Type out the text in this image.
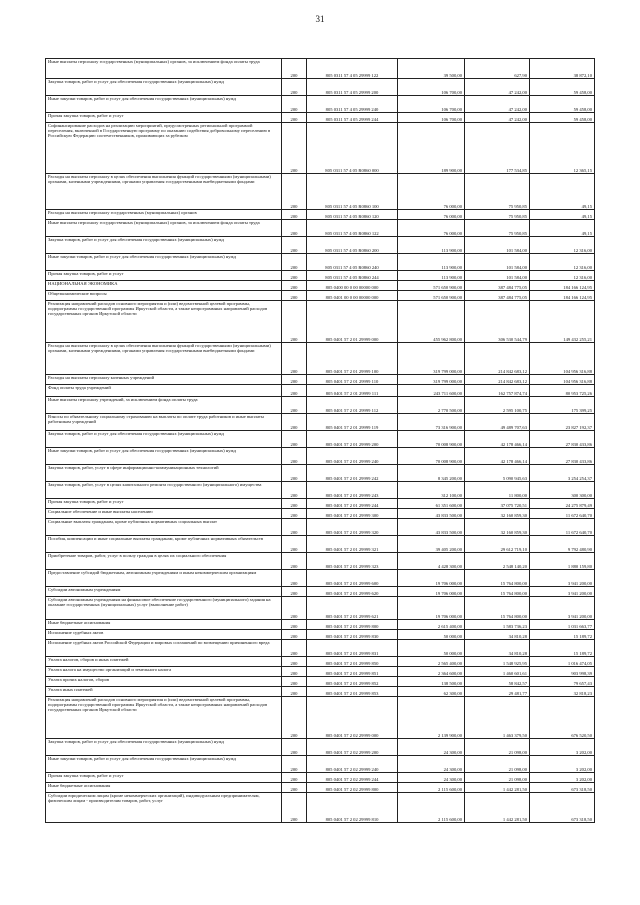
31
Иные выплаты персоналу государственных (муниципальных) органов, за исключением фонда оплаты труда	200	805 0311 57 4 05 29999 122	39 500,00	627,90	38 872,10
Закупка товаров, работ и услуг для обеспечения государственных (муниципальных) нужд	200	805 0311 57 4 05 29999 200	106 700,00	47 242,00	59 458,00
Иные закупки товаров, работ и услуг для обеспечения государственных (муниципальных) нужд	200	805 0311 57 4 05 29999 240	106 700,00	47 242,00	59 458,00
Прочая закупка товаров, работ и услуг	200	805 0311 57 4 05 29999 244	106 700,00	47 242,00	59 458,00
Софинансирование расходов на реализацию мероприятий, предусмотренных региональной программой переселения, включенной в Государственную программу по оказанию содействия добровольному переселению в Российскую Федерацию соотечественников, проживающих за рубежом	200	805 0311 57 4 05 R0860 000	189 900,00	177 534,85	12 365,15
Расходы на выплаты персоналу в целях обеспечения выполнения функций государственными (муниципальными) органами, казенными учреждениями, органами управления государственными внебюджетными фондами	200	805 0311 57 4 05 R0860 100	76 000,00	75 950,85	49,15
Расходы на выплаты персоналу государственных (муниципальных) органов	200	805 0311 57 4 05 R0860 120	76 000,00	75 950,85	49,15
Иные выплаты персоналу государственных (муниципальных) органов, за исключением фонда оплаты труда	200	805 0311 57 4 05 R0860 122	76 000,00	75 950,85	49,15
Закупка товаров, работ и услуг для обеспечения государственных (муниципальных) нужд	200	805 0311 57 4 05 R0860 200	113 900,00	101 584,00	12 316,00
Иные закупки товаров, работ и услуг для обеспечения государственных (муниципальных) нужд	200	805 0311 57 4 05 R0860 240	113 900,00	101 584,00	12 316,00
Прочая закупка товаров, работ и услуг	200	805 0311 57 4 05 R0860 244	113 900,00	101 584,00	12 316,00
НАЦИОНАЛЬНАЯ ЭКОНОМИКА	200	805 0400 00 0 00 00000 000	571 650 900,00	387 484 775,05	184 166 124,95
Общеэкономические вопросы	200	805 0401 00 0 00 00000 000	571 650 900,00	387 484 775,05	184 166 124,95
Реализация направлений расходов основного мероприятия и (или) ведомственной целевой программы, подпрограммы государственной программы Иркутской области, а также непрограммных направлений расходов государственных органов Иркутской области	200	805 0401 57 2 01 29999 000	455 962 800,00	306 530 544,79	149 432 255,21
Расходы на выплаты персоналу в целях обеспечения выполнения функций государственными (муниципальными) органами, казенными учреждениями, органами управления государственными внебюджетными фондами	200	805 0401 57 2 01 29999 100	319 799 000,00	214 842 683,12	104 956 316,88
Расходы на выплаты персоналу казенных учреждений	200	805 0401 57 2 01 29999 110	319 799 000,00	214 842 683,12	104 956 316,88
Фонд оплаты труда учреждений	200	805 0401 57 2 01 29999 111	243 711 600,00	162 757 874,74	80 953 725,26
Иные выплаты персоналу учреждений, за исключением фонда оплаты труда	200	805 0401 57 2 01 29999 112	2 770 500,00	2 595 100,75	175 399,25
Взносы по обязательному социальному страхованию на выплаты по оплате труда работников и иные выплаты работникам учреждений	200	805 0401 57 2 01 29999 119	73 316 900,00	49 489 707,63	23 827 192,37
Закупка товаров, работ и услуг для обеспечения государственных (муниципальных) нужд	200	805 0401 57 2 01 29999 200	70 008 900,00	42 178 466,14	27 830 433,86
Иные закупки товаров, работ и услуг для обеспечения государственных (муниципальных) нужд	200	805 0401 57 2 01 29999 240	70 008 900,00	42 178 466,14	27 830 433,86
Закупка товаров, работ, услуг в сфере информационно-коммуникационных технологий	200	805 0401 57 2 01 29999 242	8 345 200,00	5 090 945,63	3 254 254,37
Закупка товаров, работ, услуг в целях капитального ремонта государственного (муниципального) имущества	200	805 0401 57 2 01 29999 243	312 100,00	11 800,00	300 300,00
Прочая закупка товаров, работ и услуг	200	805 0401 57 2 01 29999 244	61 351 600,00	37 075 720,51	24 275 879,49
Социальное обеспечение и иные выплаты населению	200	805 0401 57 2 01 29999 300	43 833 500,00	32 160 859,30	11 672 640,70
Социальные выплаты гражданам, кроме публичных нормативных социальных выплат	200	805 0401 57 2 01 29999 320	43 833 500,00	32 160 859,30	11 672 640,70
Пособия, компенсации и иные социальные выплаты гражданам, кроме публичных нормативных обязательств	200	805 0401 57 2 01 29999 321	39 405 200,00	29 612 719,10	9 792 480,90
Приобретение товаров, работ, услуг в пользу граждан в целях их социального обеспечения	200	805 0401 57 2 01 29999 323	4 428 300,00	2 548 140,20	1 880 159,80
Предоставление субсидий бюджетным, автономным учреждениям и иным некоммерческим организациям	200	805 0401 57 2 01 29999 600	19 706 000,00	15 764 800,00	3 941 200,00
Субсидии автономным учреждениям	200	805 0401 57 2 01 29999 620	19 706 000,00	15 764 800,00	3 941 200,00
Субсидии автономным учреждениям на финансовое обеспечение государственного (муниципального) задания на оказание государственных (муниципальных) услуг (выполнение работ)	200	805 0401 57 2 01 29999 621	19 706 000,00	15 764 800,00	3 941 200,00
Иные бюджетные ассигнования	200	805 0401 57 2 01 29999 800	2 615 400,00	1 583 736,23	1 031 663,77
Исполнение судебных актов	200	805 0401 57 2 01 29999 830	50 000,00	34 810,28	15 189,72
Исполнение судебных актов Российской Федерации и мировых соглашений по возмещению причиненного вреда	200	805 0401 57 2 01 29999 831	50 000,00	34 810,28	15 189,72
Уплата налогов, сборов и иных платежей	200	805 0401 57 2 01 29999 850	2 565 400,00	1 548 925,95	1 016 474,05
Уплата налога на имущество организаций и земельного налога	200	805 0401 57 2 01 29999 851	2 364 600,00	1 460 601,61	903 998,39
Уплата прочих налогов, сборов	200	805 0401 57 2 01 29999 852	138 500,00	58 842,57	79 657,43
Уплата иных платежей	200	805 0401 57 2 01 29999 853	62 300,00	29 481,77	32 818,23
Реализация направлений расходов основного мероприятия и (или) ведомственной целевой программы, подпрограммы государственной программы Иркутской области, а также непрограммных направлений расходов государственных органов Иркутской области	200	805 0401 57 2 02 29999 000	2 139 900,00	1 463 379,50	676 520,50
Закупка товаров, работ и услуг для обеспечения государственных (муниципальных) нужд	200	805 0401 57 2 02 29999 200	24 300,00	21 098,00	3 202,00
Иные закупки товаров, работ и услуг для обеспечения государственных (муниципальных) нужд	200	805 0401 57 2 02 29999 240	24 300,00	21 098,00	3 202,00
Прочая закупка товаров, работ и услуг	200	805 0401 57 2 02 29999 244	24 300,00	21 098,00	3 202,00
Иные бюджетные ассигнования	200	805 0401 57 2 02 29999 800	2 115 600,00	1 442 281,50	673 318,50
Субсидии юридическим лицам (кроме некоммерческих организаций), индивидуальным предпринимателям, физическим лицам - производителям товаров, работ, услуг	200	805 0401 57 2 02 29999 810	2 115 600,00	1 442 281,50	673 318,50
